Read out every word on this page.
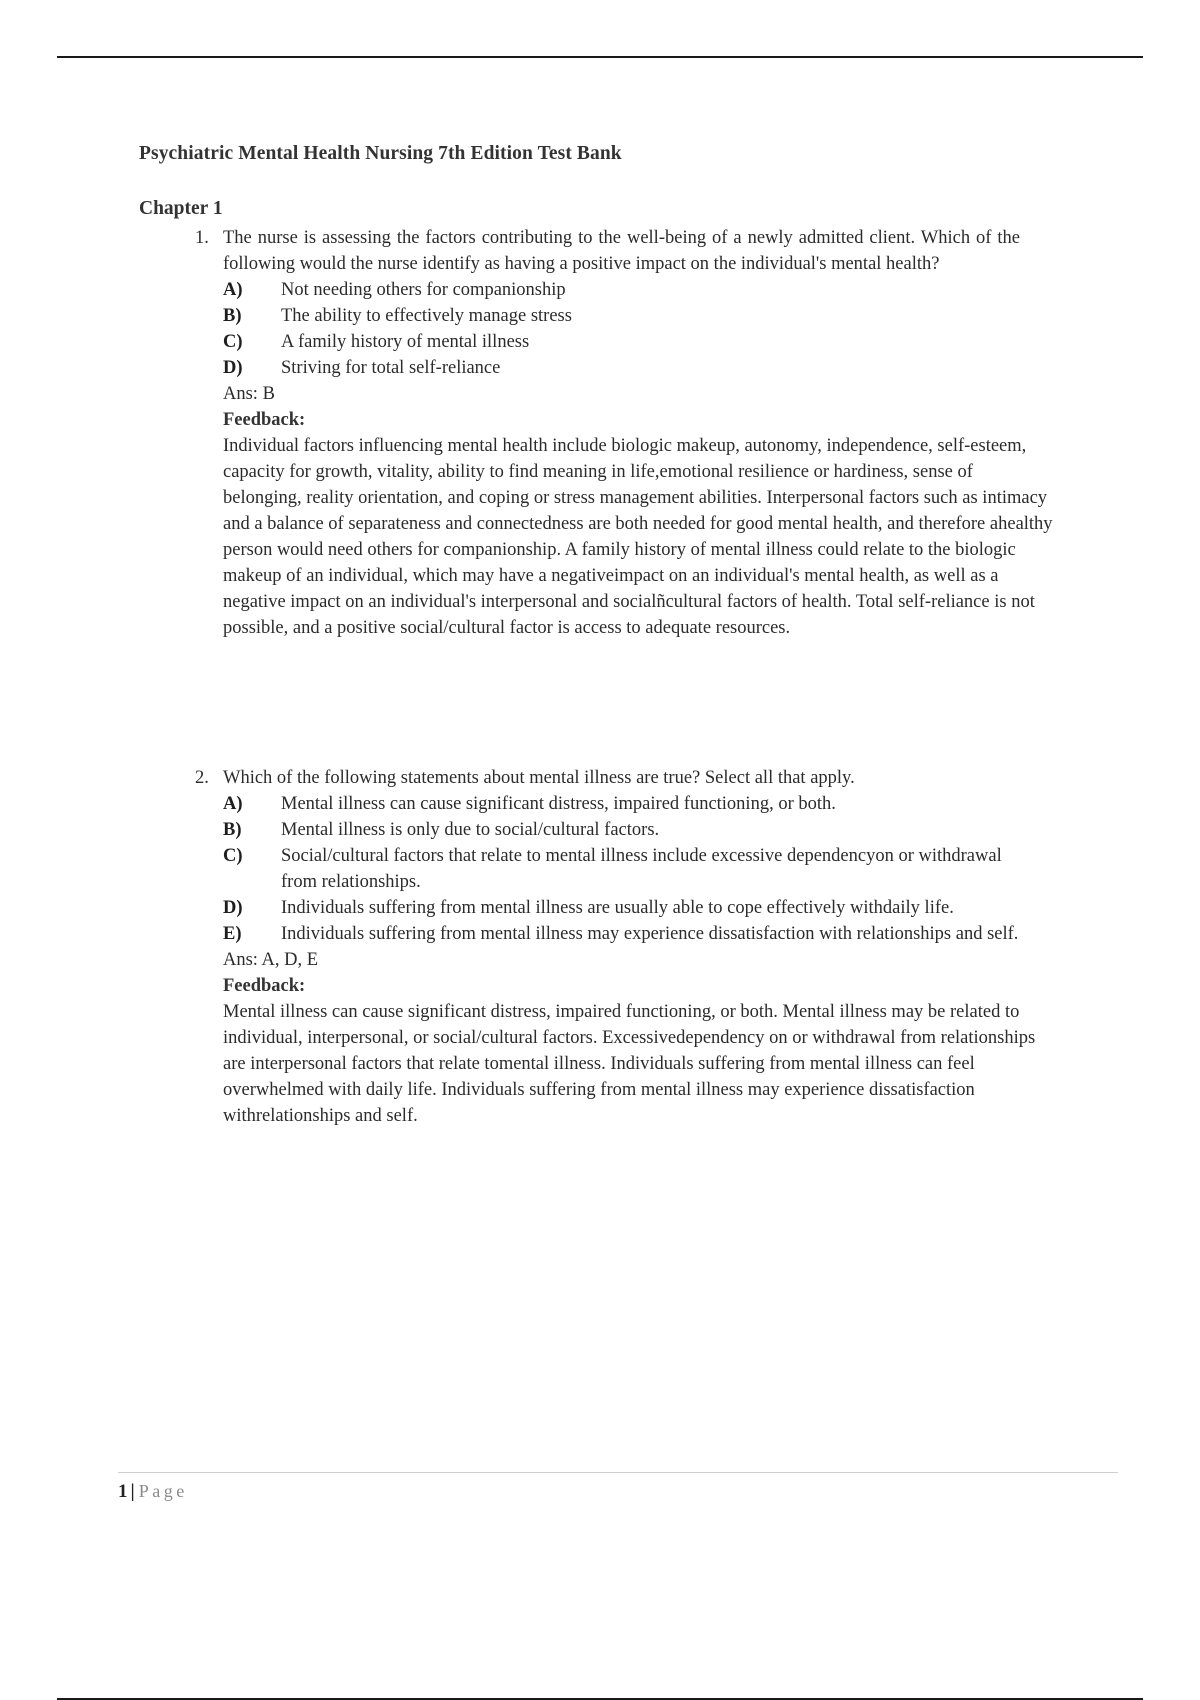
Psychiatric Mental Health Nursing 7th Edition Test Bank
Chapter 1
1. The nurse is assessing the factors contributing to the well-being of a newly admitted client. Which of the following would the nurse identify as having a positive impact on the individual's mental health?
A)	Not needing others for companionship
B)	The ability to effectively manage stress
C)	A family history of mental illness
D)	Striving for total self-reliance
Ans: B
Feedback:
Individual factors influencing mental health include biologic makeup, autonomy, independence, self-esteem, capacity for growth, vitality, ability to find meaning in life,emotional resilience or hardiness, sense of belonging, reality orientation, and coping or stress management abilities. Interpersonal factors such as intimacy and a balance of separateness and connectedness are both needed for good mental health, and therefore ahealthy person would need others for companionship. A family history of mental illness could relate to the biologic makeup of an individual, which may have a negativeimpact on an individual's mental health, as well as a negative impact on an individual's interpersonal and socialñcultural factors of health. Total self-reliance is not possible, and a positive social/cultural factor is access to adequate resources.
2. Which of the following statements about mental illness are true? Select all that apply.
A)	Mental illness can cause significant distress, impaired functioning, or both.
B)	Mental illness is only due to social/cultural factors.
C)	Social/cultural factors that relate to mental illness include excessive dependencyon or withdrawal from relationships.
D)	Individuals suffering from mental illness are usually able to cope effectively withdaily life.
E)	Individuals suffering from mental illness may experience dissatisfaction with relationships and self.
Ans: A, D, E
Feedback:
Mental illness can cause significant distress, impaired functioning, or both. Mental illness may be related to individual, interpersonal, or social/cultural factors. Excessivedependency on or withdrawal from relationships are interpersonal factors that relate tomental illness. Individuals suffering from mental illness can feel overwhelmed with daily life. Individuals suffering from mental illness may experience dissatisfaction withrelationships and self.
1 | Page
